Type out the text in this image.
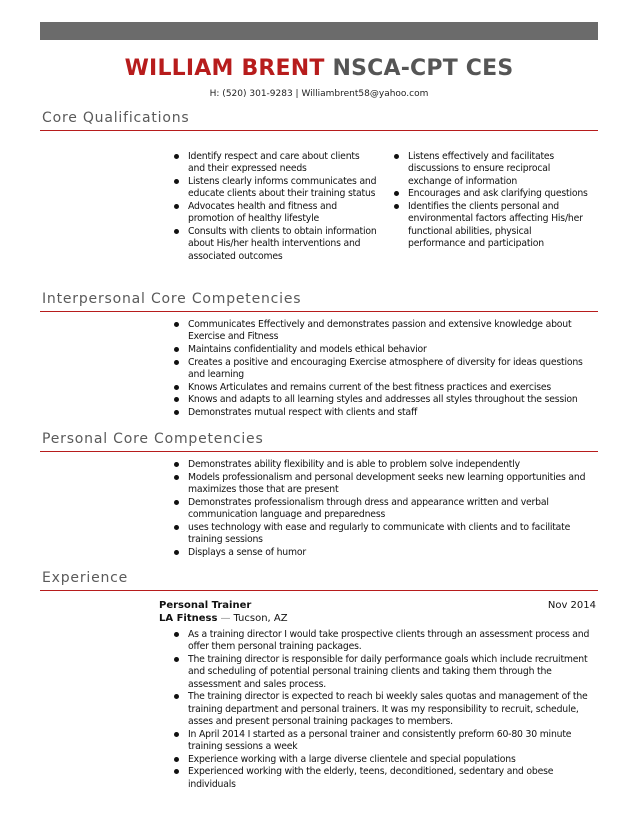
WILLIAM BRENT NSCA-CPT CES
H: (520) 301-9283 | Williambrent58@yahoo.com
Core Qualifications
Identify respect and care about clients and their expressed needs
Listens clearly informs communicates and educate clients about their training status
Advocates health and fitness and promotion of healthy lifestyle
Consults with clients to obtain information about His/her health interventions and associated outcomes
Listens effectively and facilitates discussions to ensure reciprocal exchange of information
Encourages and ask clarifying questions
Identifies the clients personal and environmental factors affecting His/her functional abilities, physical performance and participation
Interpersonal Core Competencies
Communicates Effectively and demonstrates passion and extensive knowledge about Exercise and Fitness
Maintains confidentiality and models ethical behavior
Creates a positive and encouraging Exercise atmosphere of diversity for ideas questions and learning
Knows Articulates and remains current of the best fitness practices and exercises
Knows and adapts to all learning styles and addresses all styles throughout the session
Demonstrates mutual respect with clients and staff
Personal Core Competencies
Demonstrates ability flexibility and is able to problem solve independently
Models professionalism and personal development seeks new learning opportunities and maximizes those that are present
Demonstrates professionalism through dress and appearance written and verbal communication language and preparedness
uses technology with ease and regularly to communicate with clients and to facilitate training sessions
Displays a sense of humor
Experience
Personal Trainer	Nov 2014
LA Fitness — Tucson, AZ
As a training director I would take prospective clients through an assessment process and offer them personal training packages.
The training director is responsible for daily performance goals which include recruitment and scheduling of potential personal training clients and taking them through the assessment and sales process.
The training director is expected to reach bi weekly sales quotas and management of the training department and personal trainers. It was my responsibility to recruit, schedule, asses and present personal training packages to members.
In April 2014 I started as a personal trainer and consistently preform 60-80 30 minute training sessions a week
Experience working with a large diverse clientele and special populations
Experienced working with the elderly, teens, deconditioned, sedentary and obese individuals
